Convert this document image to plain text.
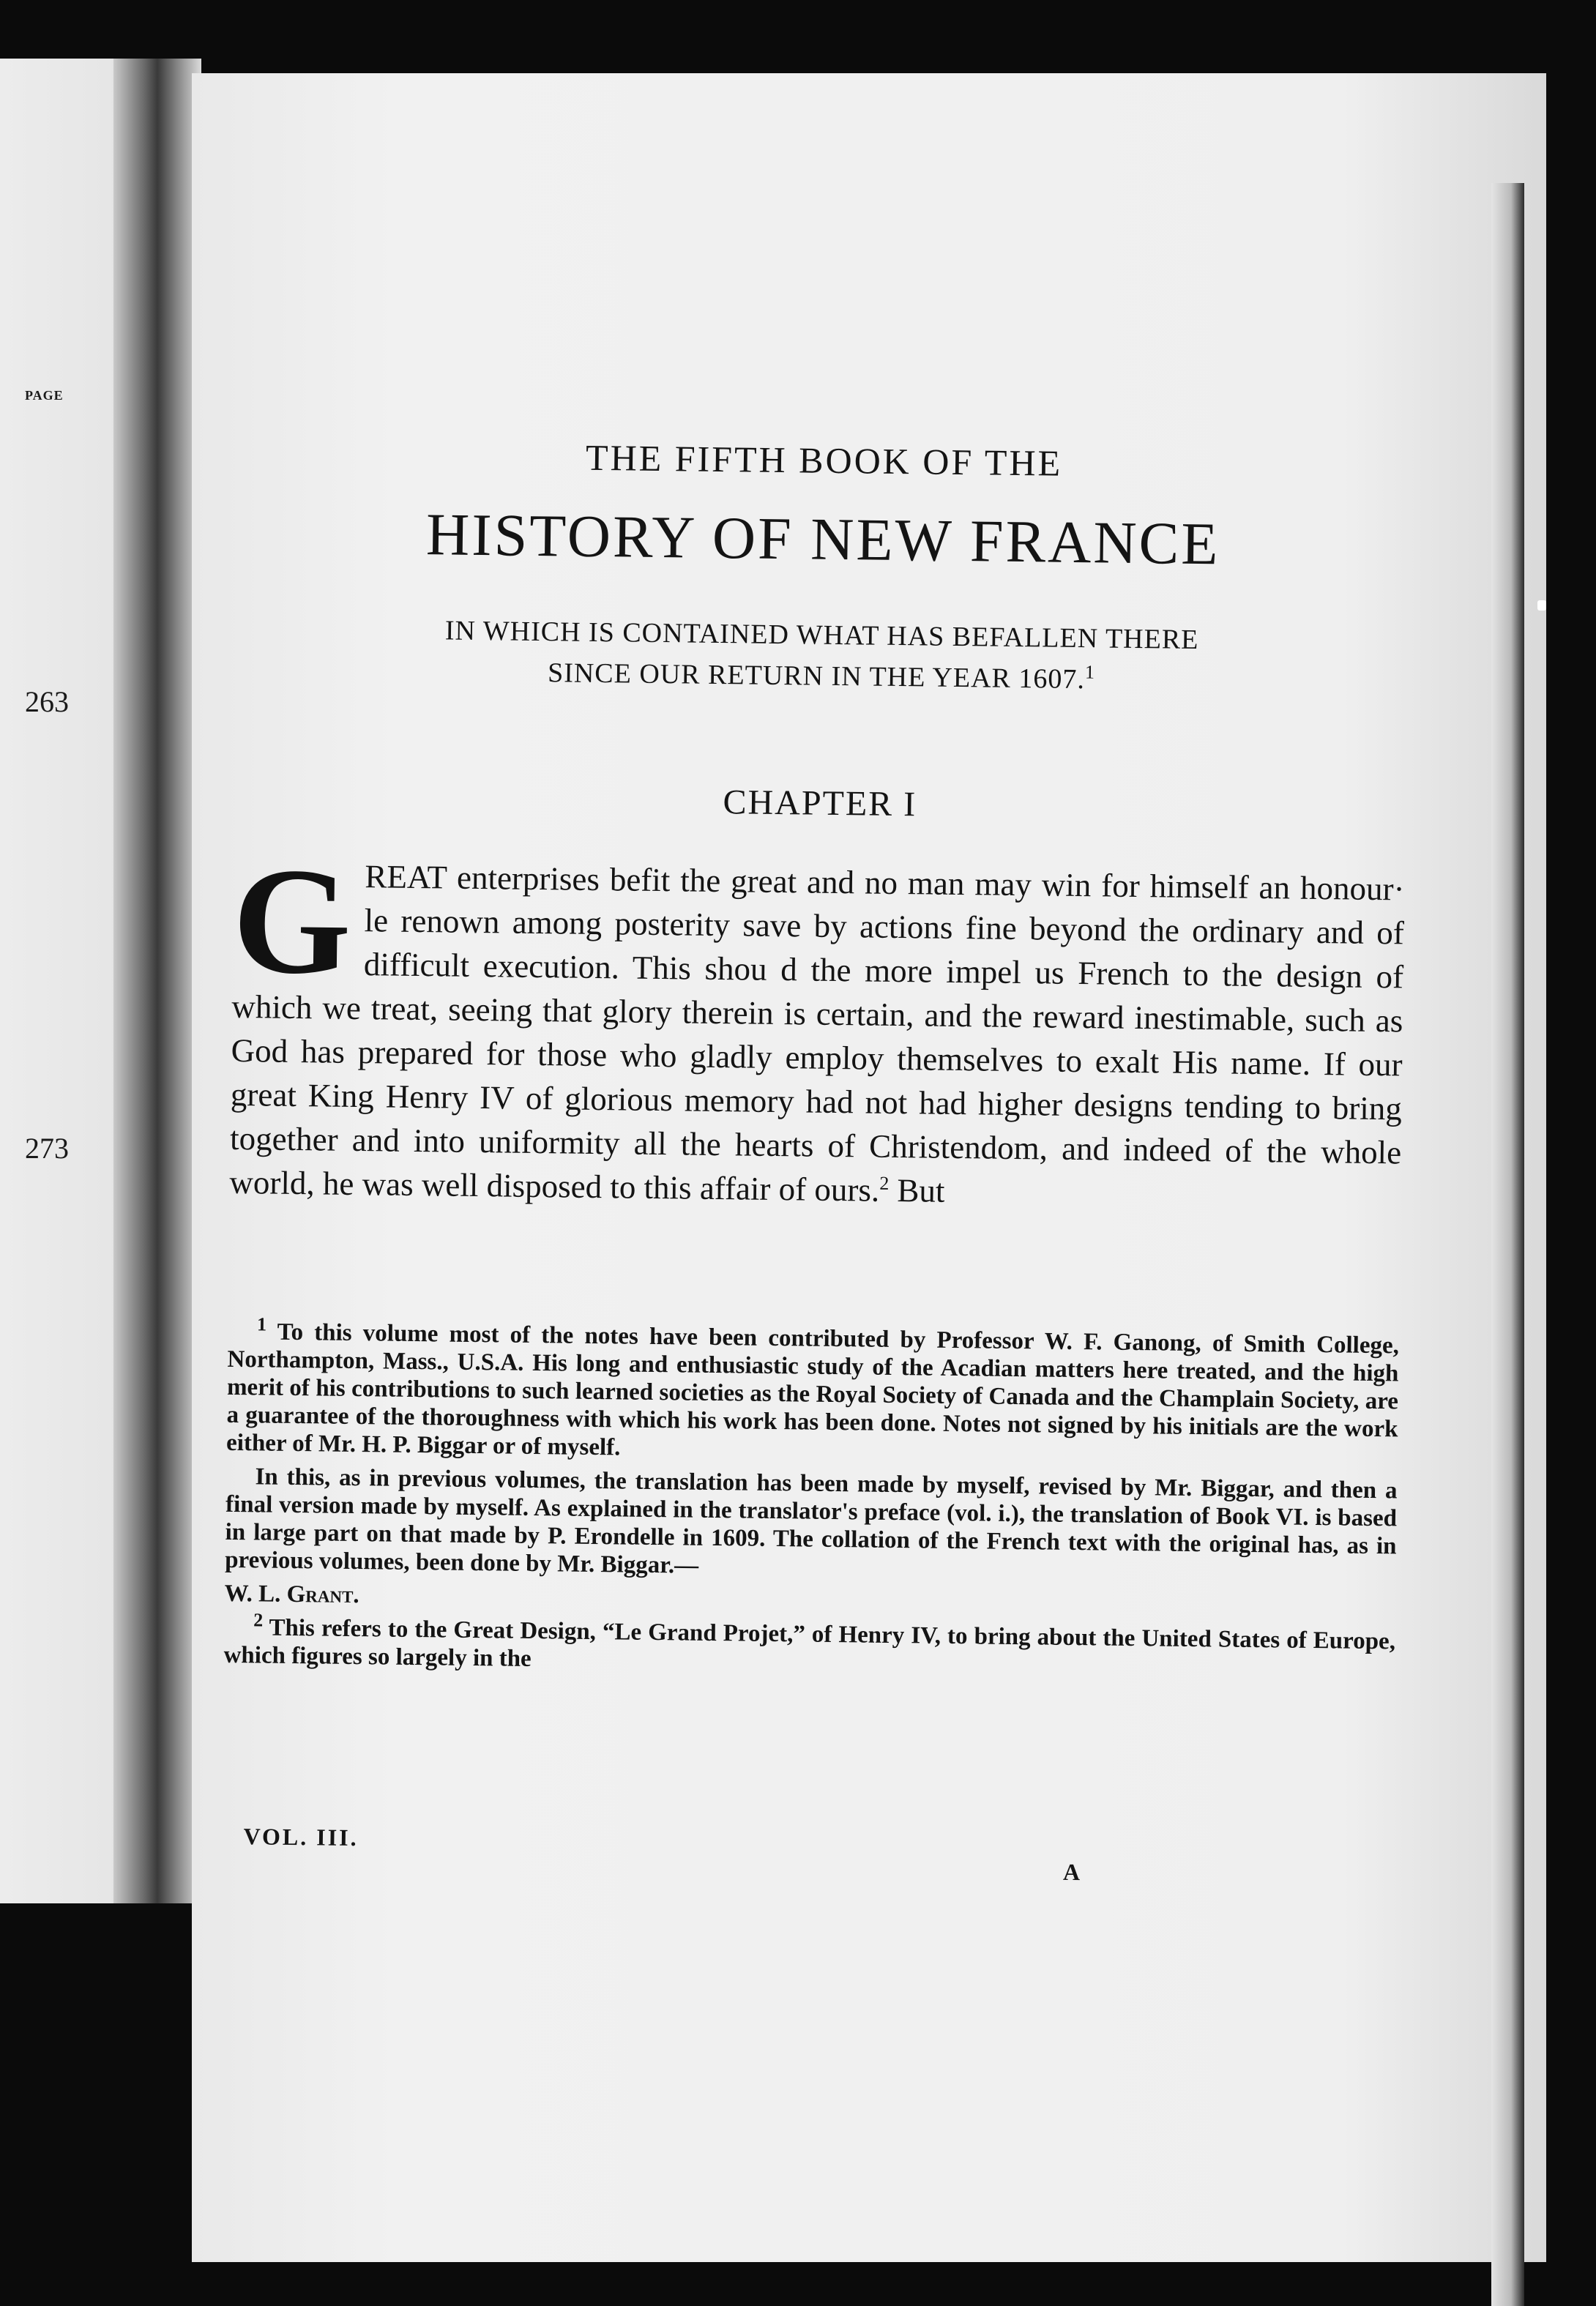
PAGE
263
273
THE FIFTH BOOK OF THE
HISTORY OF NEW FRANCE
IN WHICH IS CONTAINED WHAT HAS BEFALLEN THERE
SINCE OUR RETURN IN THE YEAR 1607.$^1$
CHAPTER I
GREAT enterprises befit the great and no man may win for himself an honour· le renown among posterity save by actions fine beyond the ordinary and of difficult execution. This shou d the more impel us French to the design of which we treat, seeing that glory therein is certain, and the reward inestimable, such as God has prepared for those who gladly employ themselves to exalt His name. If our great King Henry IV of glorious memory had not had higher designs tending to bring together and into uniformity all the hearts of Christendom, and indeed of the whole world, he was well disposed to this affair of ours.$^2$ But

$^1$ To this volume most of the notes have been contributed by Professor W. F. Ganong, of Smith College, Northampton, Mass., U.S.A. His long and enthusiastic study of the Acadian matters here treated, and the high merit of his contributions to such learned societies as the Royal Society of Canada and the Champlain Society, are a guarantee of the thoroughness with which his work has been done. Notes not signed by his initials are the work either of Mr. H. P. Biggar or of myself.

In this, as in previous volumes, the translation has been made by myself, revised by Mr. Biggar, and then a final version made by myself. As explained in the translator's preface (vol. i.), the translation of Book VI. is based in large part on that made by P. Erondelle in 1609. The collation of the French text with the original has, as in previous volumes, been done by Mr. Biggar.—

W. L. Grant.

$^2$ This refers to the Great Design, “Le Grand Projet,” of Henry IV, to bring about the United States of Europe, which figures so largely in the

VOL. III.
A
